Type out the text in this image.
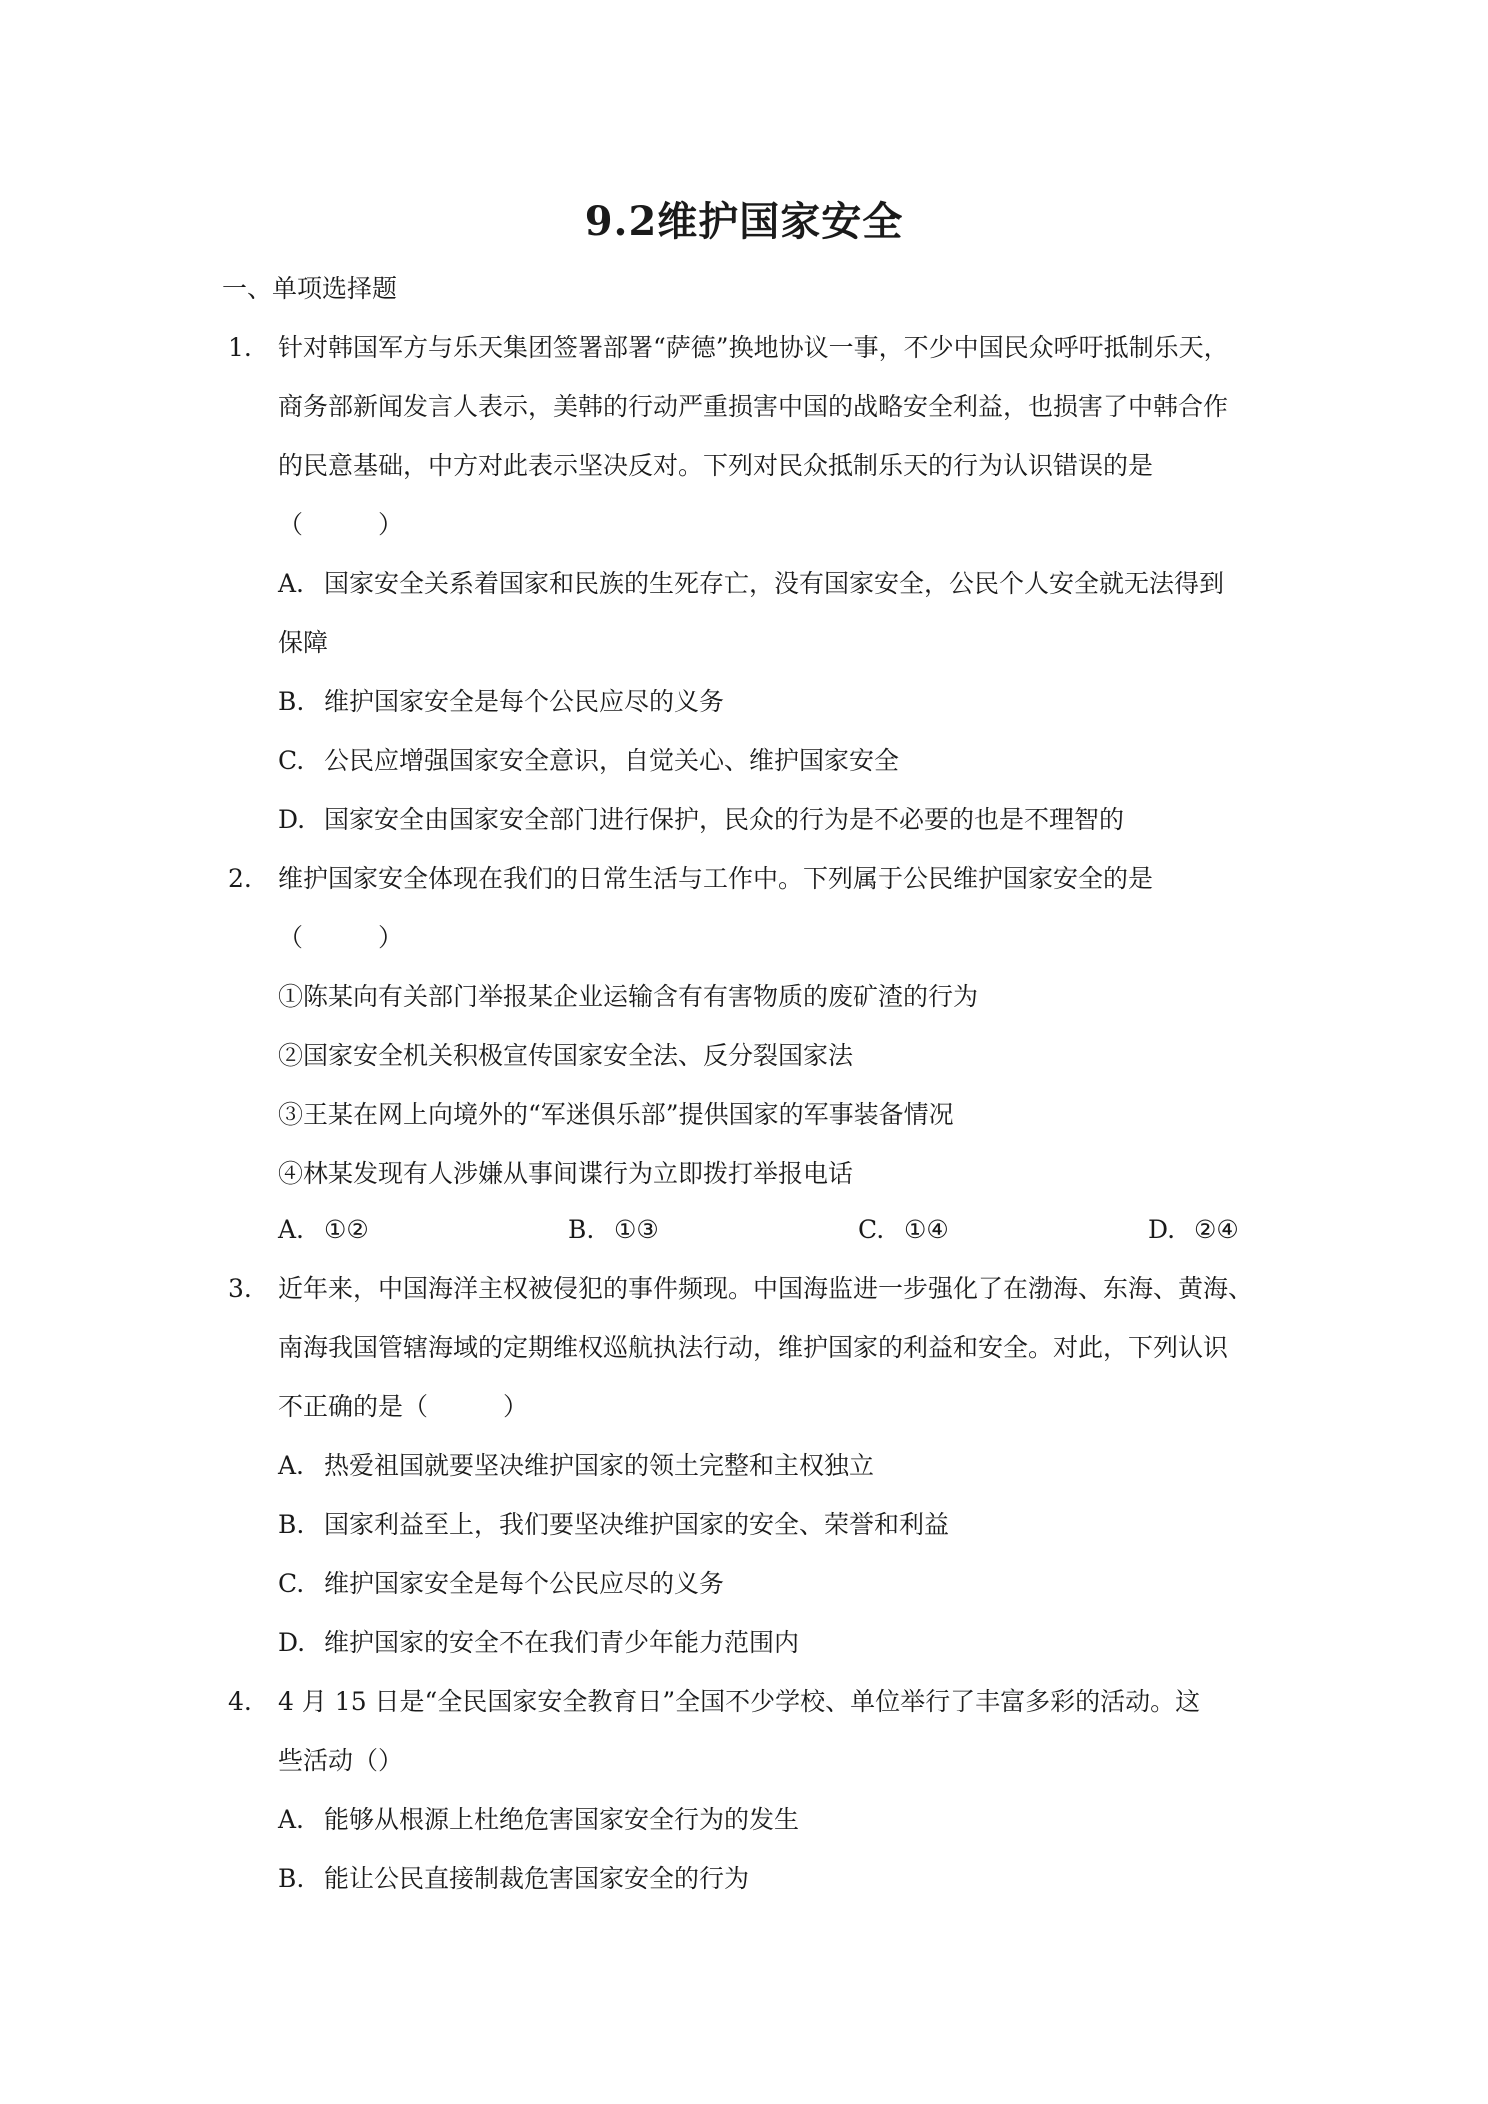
9.2维护国家安全
一、单项选择题
1. 针对韩国军方与乐天集团签署部署“萨德”换地协议一事，不少中国民众呼吁抵制乐天，
商务部新闻发言人表示，美韩的行动严重损害中国的战略安全利益，也损害了中韩合作
的民意基础，中方对此表示坚决反对。下列对民众抵制乐天的行为认识错误的是
（　　　）
A. 国家安全关系着国家和民族的生死存亡，没有国家安全，公民个人安全就无法得到
保障
B. 维护国家安全是每个公民应尽的义务
C. 公民应增强国家安全意识，自觉关心、维护国家安全
D. 国家安全由国家安全部门进行保护，民众的行为是不必要的也是不理智的
2. 维护国家安全体现在我们的日常生活与工作中。下列属于公民维护国家安全的是
（　　　）
①陈某向有关部门举报某企业运输含有有害物质的废矿渣的行为
②国家安全机关积极宣传国家安全法、反分裂国家法
③王某在网上向境外的“军迷俱乐部”提供国家的军事装备情况
④林某发现有人涉嫌从事间谍行为立即拨打举报电话
A. ①②	B. ①③	C. ①④	D. ②④
3. 近年来，中国海洋主权被侵犯的事件频现。中国海监进一步强化了在渤海、东海、黄海、
南海我国管辖海域的定期维权巡航执法行动，维护国家的利益和安全。对此，下列认识
不正确的是（　　　）
A. 热爱祖国就要坚决维护国家的领土完整和主权独立
B. 国家利益至上，我们要坚决维护国家的安全、荣誉和利益
C. 维护国家安全是每个公民应尽的义务
D. 维护国家的安全不在我们青少年能力范围内
4. 4 月 15 日是“全民国家安全教育日”全国不少学校、单位举行了丰富多彩的活动。这
些活动（）
A. 能够从根源上杜绝危害国家安全行为的发生
B. 能让公民直接制裁危害国家安全的行为
